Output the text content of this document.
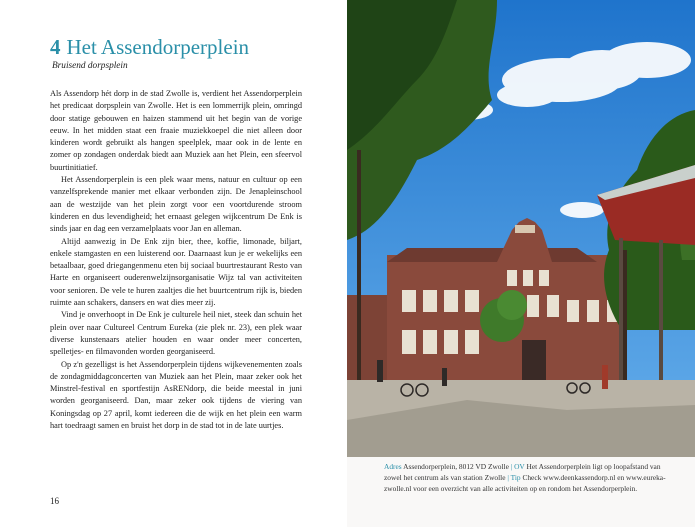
4 Het Assendorperplein
Bruisend dorpsplein

Als Assendorp hét dorp in de stad Zwolle is, verdient het Assendorperplein het predicaat dorpsplein van Zwolle. Het is een lommerrijk plein, omringd door statige gebouwen en haizen stammend uit het begin van de vorige eeuw. In het midden staat een fraaie muziekkoepel die niet alleen door kinderen wordt gebruikt als hangen speelplek, maar ook in de lente en zomer op zondagen onderdak biedt aan Muziek aan het Plein, een sfeervol buurtinitiatief.

Het Assendorperplein is een plek waar mens, natuur en cultuur op een vanzelfsprekende manier met elkaar verbonden zijn. De Jenapleinschool aan de westzijde van het plein zorgt voor een voortdurende stroom kinderen en dus levendigheid; het ernaast gelegen wijkcentrum De Enk is sinds jaar en dag een verzamelplaats voor Jan en alleman.

Altijd aanwezig in De Enk zijn bier, thee, koffie, limonade, biljart, enkele stamgasten en een luisterend oor. Daarnaast kun je er wekelijks een betaalbaar, goed driegangenmenu eten bij sociaal buurtrestaurant Resto van Harte en organiseert ouderenwelzijnsorganisatie Wijz tal van activiteiten voor senioren. De vele te huren zaaltjes die het buurtcentrum rijk is, bieden ruimte aan schakers, dansers en wat dies meer zij.

Vind je onverhoopt in De Enk je culturele heil niet, steek dan schuin het plein over naar Cultureel Centrum Eureka (zie plek nr. 23), een plek waar diverse kunstenaars atelier houden en waar onder meer concerten, spelletjes- en filmavonden worden georganiseerd.

Op z'n gezelligst is het Assendorperplein tijdens wijkevenementen zoals de zondagmiddagconcerten van Muziek aan het Plein, maar zeker ook het Minstrel-festival en sportfestijn AsRENdorp, die beide meestal in juni worden georganiseerd. Dan, maar zeker ook tijdens de viering van Koningsdag op 27 april, komt iedereen die de wijk en het plein een warm hart toedraagt samen en bruist het dorp in de stad tot in de late uurtjes.

16
Adres Assendorperplein, 8012 VD Zwolle | OV Het Assendorperplein ligt op loopafstand van zowel het centrum als van station Zwolle | Tip Check www.deenkassendorp.nl en www.eureka-zwolle.nl voor een overzicht van alle activiteiten op en rondom het Assendorperplein.
